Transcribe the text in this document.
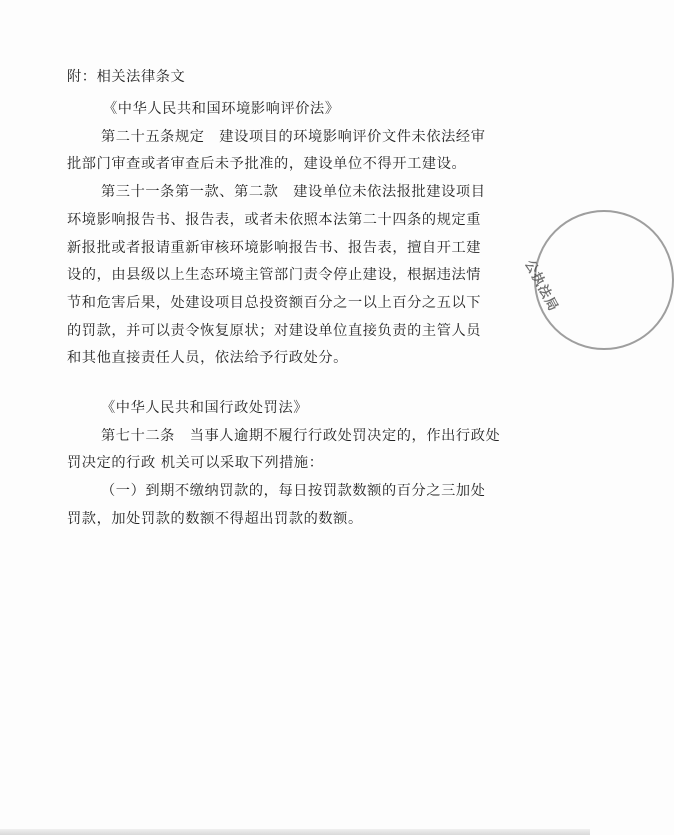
附：相关法律条文
《中华人民共和国环境影响评价法》
第二十五条规定　建设项目的环境影响评价文件未依法经审
批部门审查或者审查后未予批准的，建设单位不得开工建设。
第三十一条第一款、第二款　建设单位未依法报批建设项目
环境影响报告书、报告表，或者未依照本法第二十四条的规定重
新报批或者报请重新审核环境影响报告书、报告表，擅自开工建
设的，由县级以上生态环境主管部门责令停止建设，根据违法情
节和危害后果，处建设项目总投资额百分之一以上百分之五以下
的罚款，并可以责令恢复原状；对建设单位直接负责的主管人员
和其他直接责任人员，依法给予行政处分。
《中华人民共和国行政处罚法》
第七十二条　当事人逾期不履行行政处罚决定的，作出行政处
罚决定的行政 机关可以采取下列措施：
（一）到期不缴纳罚款的，每日按罚款数额的百分之三加处
罚款，加处罚款的数额不得超出罚款的数额。
公执法局
